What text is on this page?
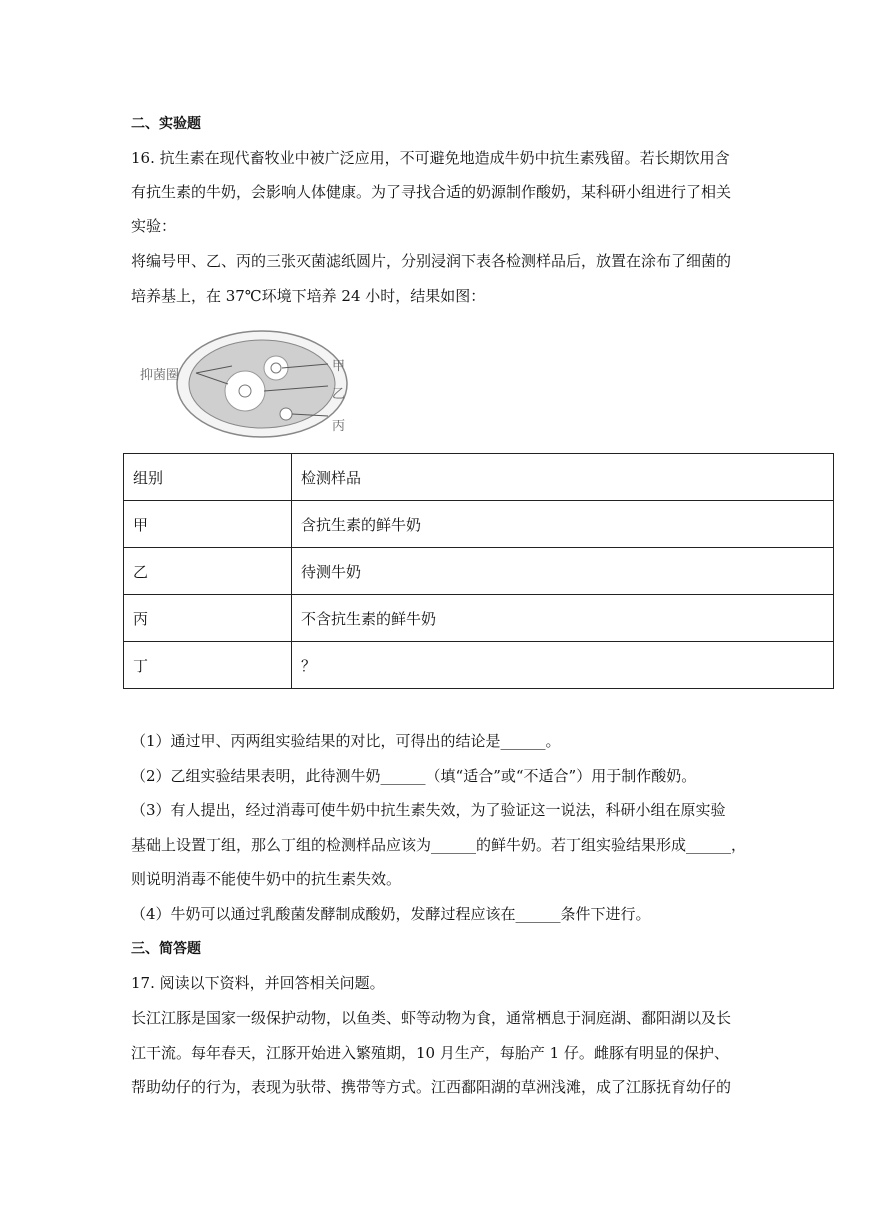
二、实验题
16. 抗生素在现代畜牧业中被广泛应用，不可避免地造成牛奶中抗生素残留。若长期饮用含
有抗生素的牛奶，会影响人体健康。为了寻找合适的奶源制作酸奶，某科研小组进行了相关
实验：
将编号甲、乙、丙的三张灭菌滤纸圆片，分别浸润下表各检测样品后，放置在涂布了细菌的
培养基上，在 37℃环境下培养 24 小时，结果如图：
抑菌圈
甲
乙
丙
组别	检测样品
甲	含抗生素的鲜牛奶
乙	待测牛奶
丙	不含抗生素的鲜牛奶
丁	？
（1）通过甲、丙两组实验结果的对比，可得出的结论是______。
（2）乙组实验结果表明，此待测牛奶______（填“适合”或“不适合”）用于制作酸奶。
（3）有人提出，经过消毒可使牛奶中抗生素失效，为了验证这一说法，科研小组在原实验
基础上设置丁组，那么丁组的检测样品应该为______的鲜牛奶。若丁组实验结果形成______，
则说明消毒不能使牛奶中的抗生素失效。
（4）牛奶可以通过乳酸菌发酵制成酸奶，发酵过程应该在______条件下进行。
三、简答题
17. 阅读以下资料，并回答相关问题。
长江江豚是国家一级保护动物，以鱼类、虾等动物为食，通常栖息于洞庭湖、鄱阳湖以及长
江干流。每年春天，江豚开始进入繁殖期，10 月生产，每胎产 1 仔。雌豚有明显的保护、
帮助幼仔的行为，表现为驮带、携带等方式。江西鄱阳湖的草洲浅滩，成了江豚抚育幼仔的
